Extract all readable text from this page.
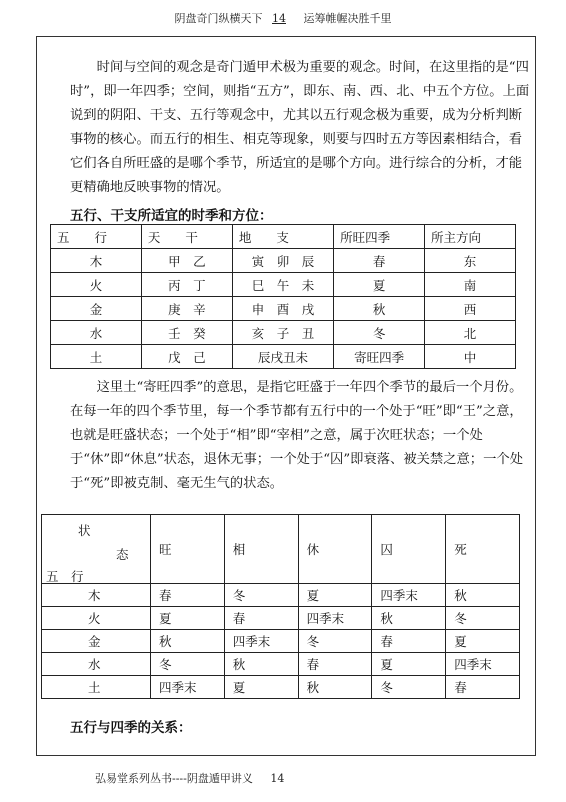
阴盘奇门纵横天下 14 运筹帷幄决胜千里

时间与空间的观念是奇门遁甲术极为重要的观念。时间，在这里指的是“四时”，即一年四季；空间，则指“五方”，即东、南、西、北、中五个方位。上面说到的阴阳、干支、五行等观念中，尤其以五行观念极为重要，成为分析判断事物的核心。而五行的相生、相克等现象，则要与四时五方等因素相结合，看它们各自所旺盛的是哪个季节，所适宜的是哪个方向。进行综合的分析，才能更精确地反映事物的情况。

五行、干支所适宜的时季和方位：

五　　行	天　　干	地　　支	所旺四季	所主方向
木	甲　乙	寅　卯　辰	春	东
火	丙　丁	巳　午　未	夏	南
金	庚　辛	申　酉　戌	秋	西
水	壬　癸	亥　子　丑	冬	北
土	戊　己	辰戌丑未	寄旺四季	中

这里土“寄旺四季”的意思，是指它旺盛于一年四个季节的最后一个月份。在每一年的四个季节里，每一个季节都有五行中的一个处于“旺”即“王”之意，也就是旺盛状态；一个处于“相”即“宰相”之意，属于次旺状态；一个处于“休”即“休息”状态，退休无事；一个处于“囚”即衰落、被关禁之意；一个处于“死”即被克制、毫无生气的状态。

状
态
五　行	旺	相	休	囚	死
木	春	冬	夏	四季末	秋
火	夏	春	四季末	秋	冬
金	秋	四季末	冬	春	夏
水	冬	秋	春	夏	四季末
土	四季末	夏	秋	冬	春

五行与四季的关系：

弘易堂系列丛书----阴盘遁甲讲义 14
